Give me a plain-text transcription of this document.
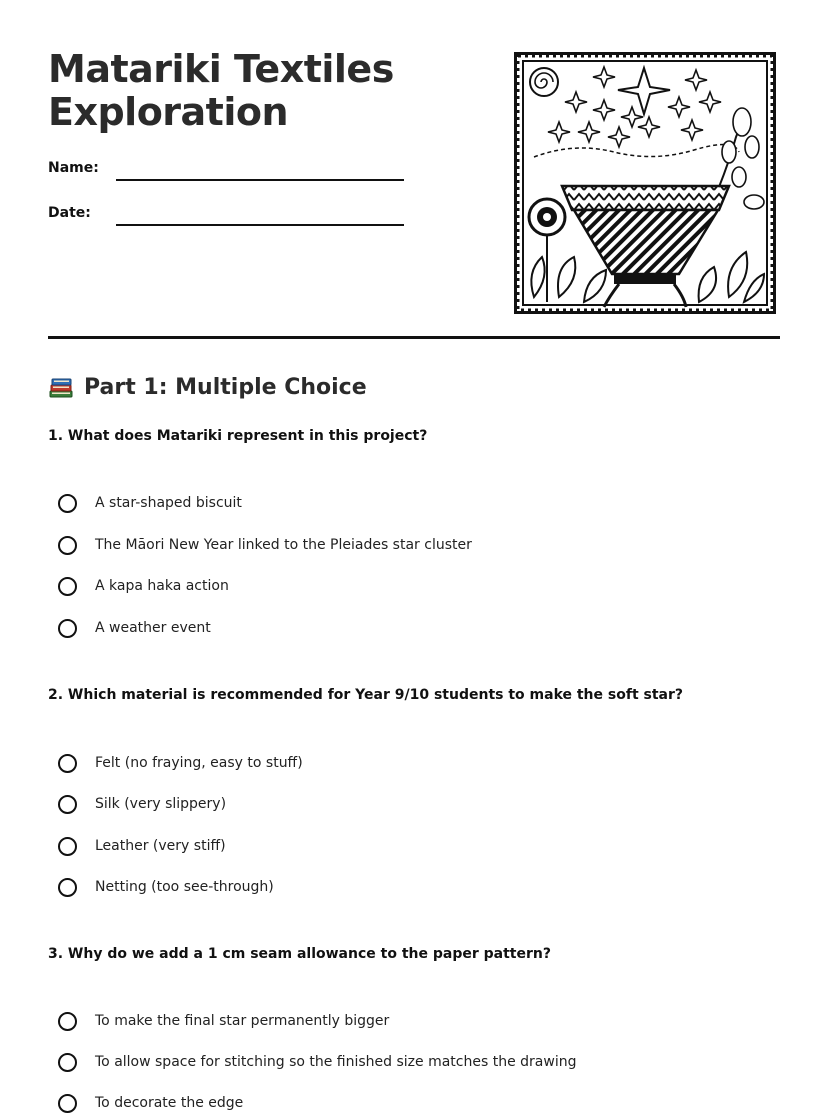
Matariki Textiles
Exploration
Name:
Date:
Part 1: Multiple Choice

1. What does Matariki represent in this project?

A star-shaped biscuit
The Māori New Year linked to the Pleiades star cluster
A kapa haka action
A weather event

2. Which material is recommended for Year 9/10 students to make the soft star?

Felt (no fraying, easy to stuff)
Silk (very slippery)
Leather (very stiff)
Netting (too see-through)

3. Why do we add a 1 cm seam allowance to the paper pattern?

To make the final star permanently bigger
To allow space for stitching so the finished size matches the drawing
To decorate the edge
